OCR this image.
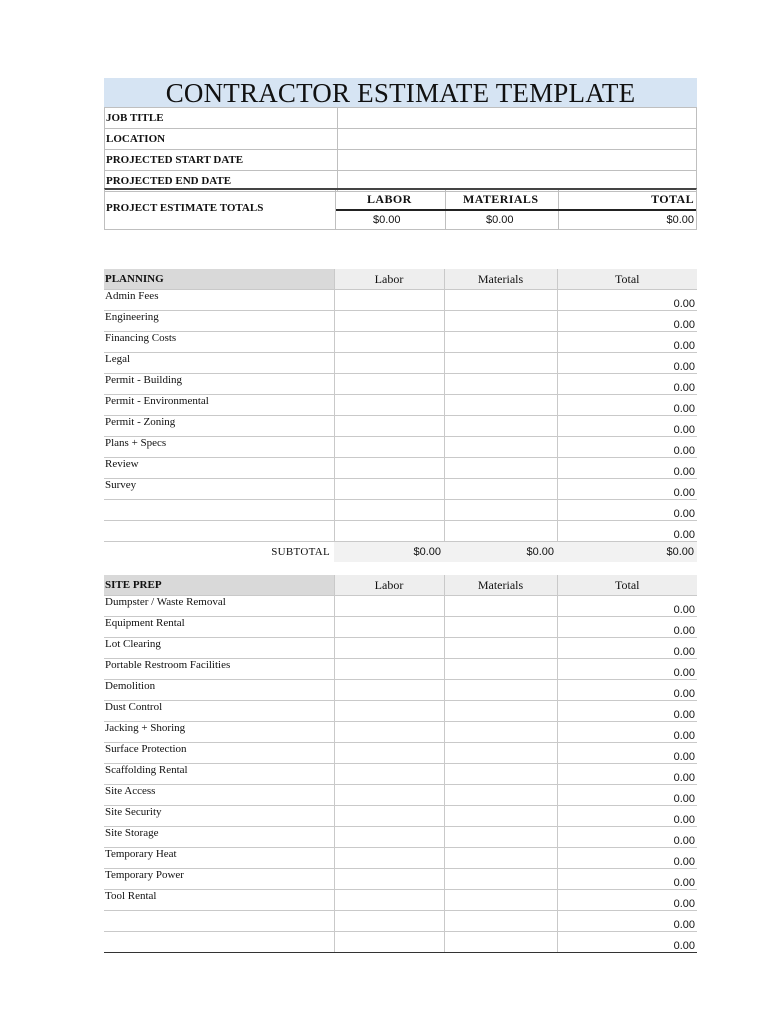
CONTRACTOR ESTIMATE TEMPLATE
JOB TITLE	
LOCATION	
PROJECTED START DATE	
PROJECTED END DATE	
PROJECT ESTIMATE TOTALS
LABOR	MATERIALS	TOTAL
$0.00	$0.00	$0.00
PLANNING	Labor	Materials	Total
Admin Fees			0.00
Engineering			0.00
Financing Costs			0.00
Legal			0.00
Permit - Building			0.00
Permit - Environmental			0.00
Permit - Zoning			0.00
Plans + Specs			0.00
Review			0.00
Survey			0.00
			0.00
			0.00
SUBTOTAL	$0.00	$0.00	$0.00
SITE PREP	Labor	Materials	Total
Dumpster / Waste Removal			0.00
Equipment Rental			0.00
Lot Clearing			0.00
Portable Restroom Facilities			0.00
Demolition			0.00
Dust Control			0.00
Jacking + Shoring			0.00
Surface Protection			0.00
Scaffolding Rental			0.00
Site Access			0.00
Site Security			0.00
Site Storage			0.00
Temporary Heat			0.00
Temporary Power			0.00
Tool Rental			0.00
			0.00
			0.00
